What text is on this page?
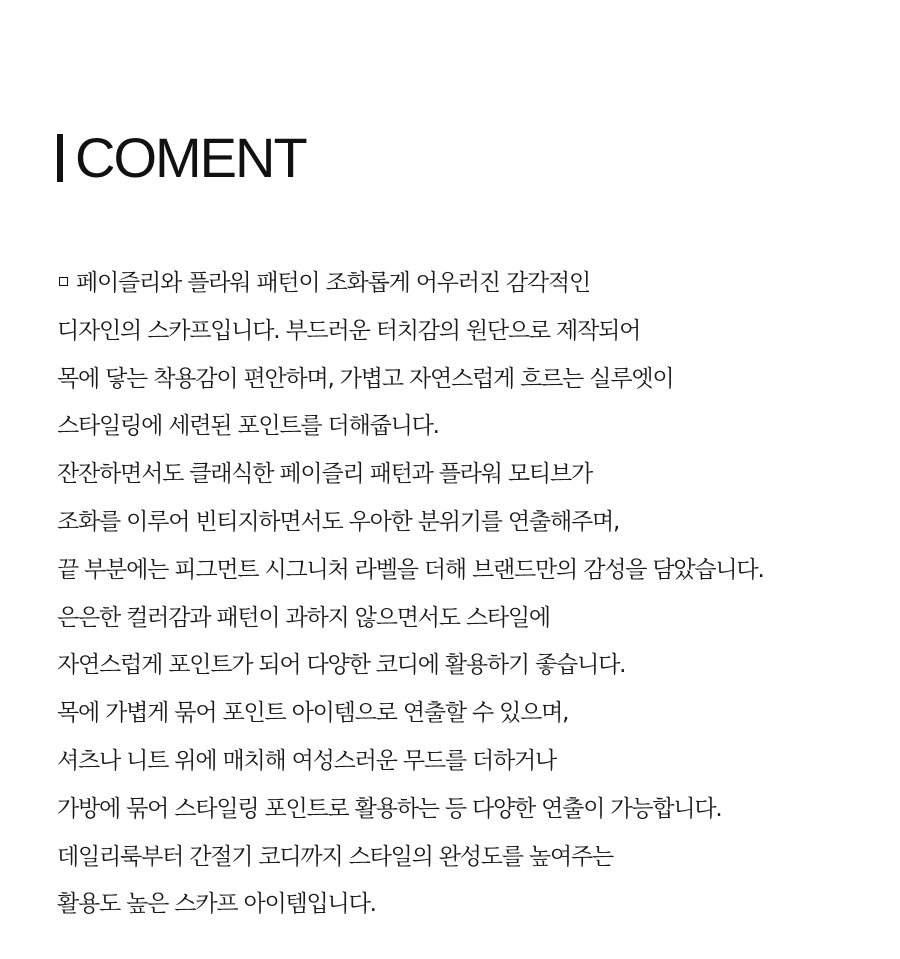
COMENT
페이즐리와 플라워 패턴이 조화롭게 어우러진 감각적인
디자인의 스카프입니다. 부드러운 터치감의 원단으로 제작되어
목에 닿는 착용감이 편안하며, 가볍고 자연스럽게 흐르는 실루엣이
스타일링에 세련된 포인트를 더해줍니다.
잔잔하면서도 클래식한 페이즐리 패턴과 플라워 모티브가
조화를 이루어 빈티지하면서도 우아한 분위기를 연출해주며,
끝 부분에는 피그먼트 시그니처 라벨을 더해 브랜드만의 감성을 담았습니다.
은은한 컬러감과 패턴이 과하지 않으면서도 스타일에
자연스럽게 포인트가 되어 다양한 코디에 활용하기 좋습니다.
목에 가볍게 묶어 포인트 아이템으로 연출할 수 있으며,
셔츠나 니트 위에 매치해 여성스러운 무드를 더하거나
가방에 묶어 스타일링 포인트로 활용하는 등 다양한 연출이 가능합니다.
데일리룩부터 간절기 코디까지 스타일의 완성도를 높여주는
활용도 높은 스카프 아이템입니다.
